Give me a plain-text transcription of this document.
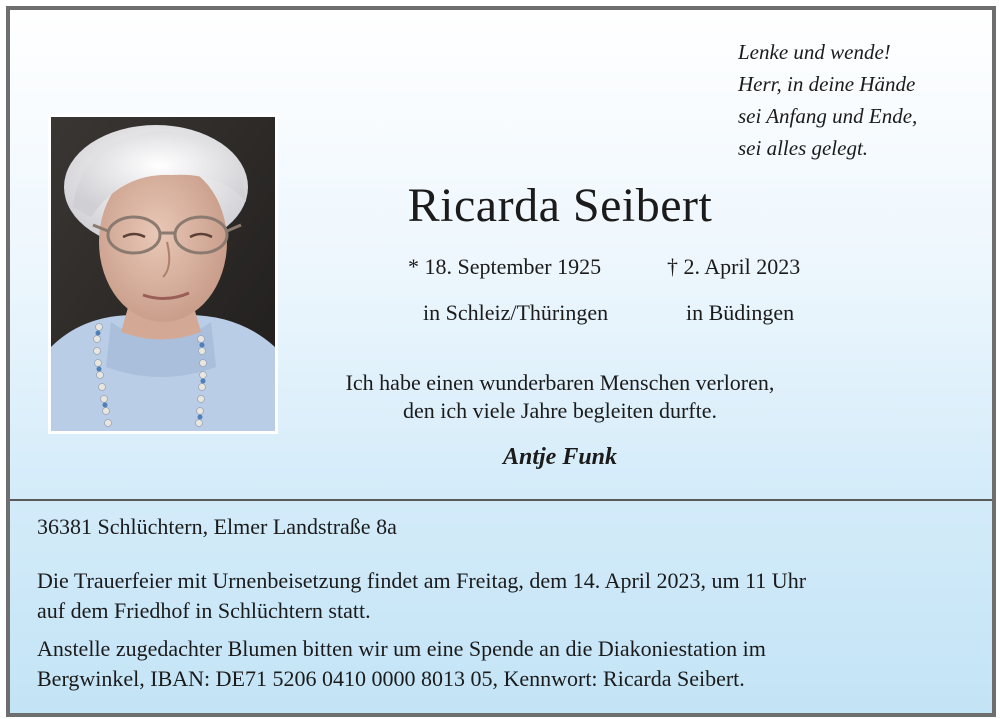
Lenke und wende!
Herr, in deine Hände
sei Anfang und Ende,
sei alles gelegt.
Ricarda Seibert
* 18. September 1925	† 2. April 2023
in Schleiz/Thüringen	in Büdingen
Ich habe einen wunderbaren Menschen verloren,
den ich viele Jahre begleiten durfte.
Antje Funk
36381 Schlüchtern, Elmer Landstraße 8a
Die Trauerfeier mit Urnenbeisetzung findet am Freitag, dem 14. April 2023, um 11 Uhr
auf dem Friedhof in Schlüchtern statt.
Anstelle zugedachter Blumen bitten wir um eine Spende an die Diakoniestation im
Bergwinkel, IBAN: DE71 5206 0410 0000 8013 05, Kennwort: Ricarda Seibert.
